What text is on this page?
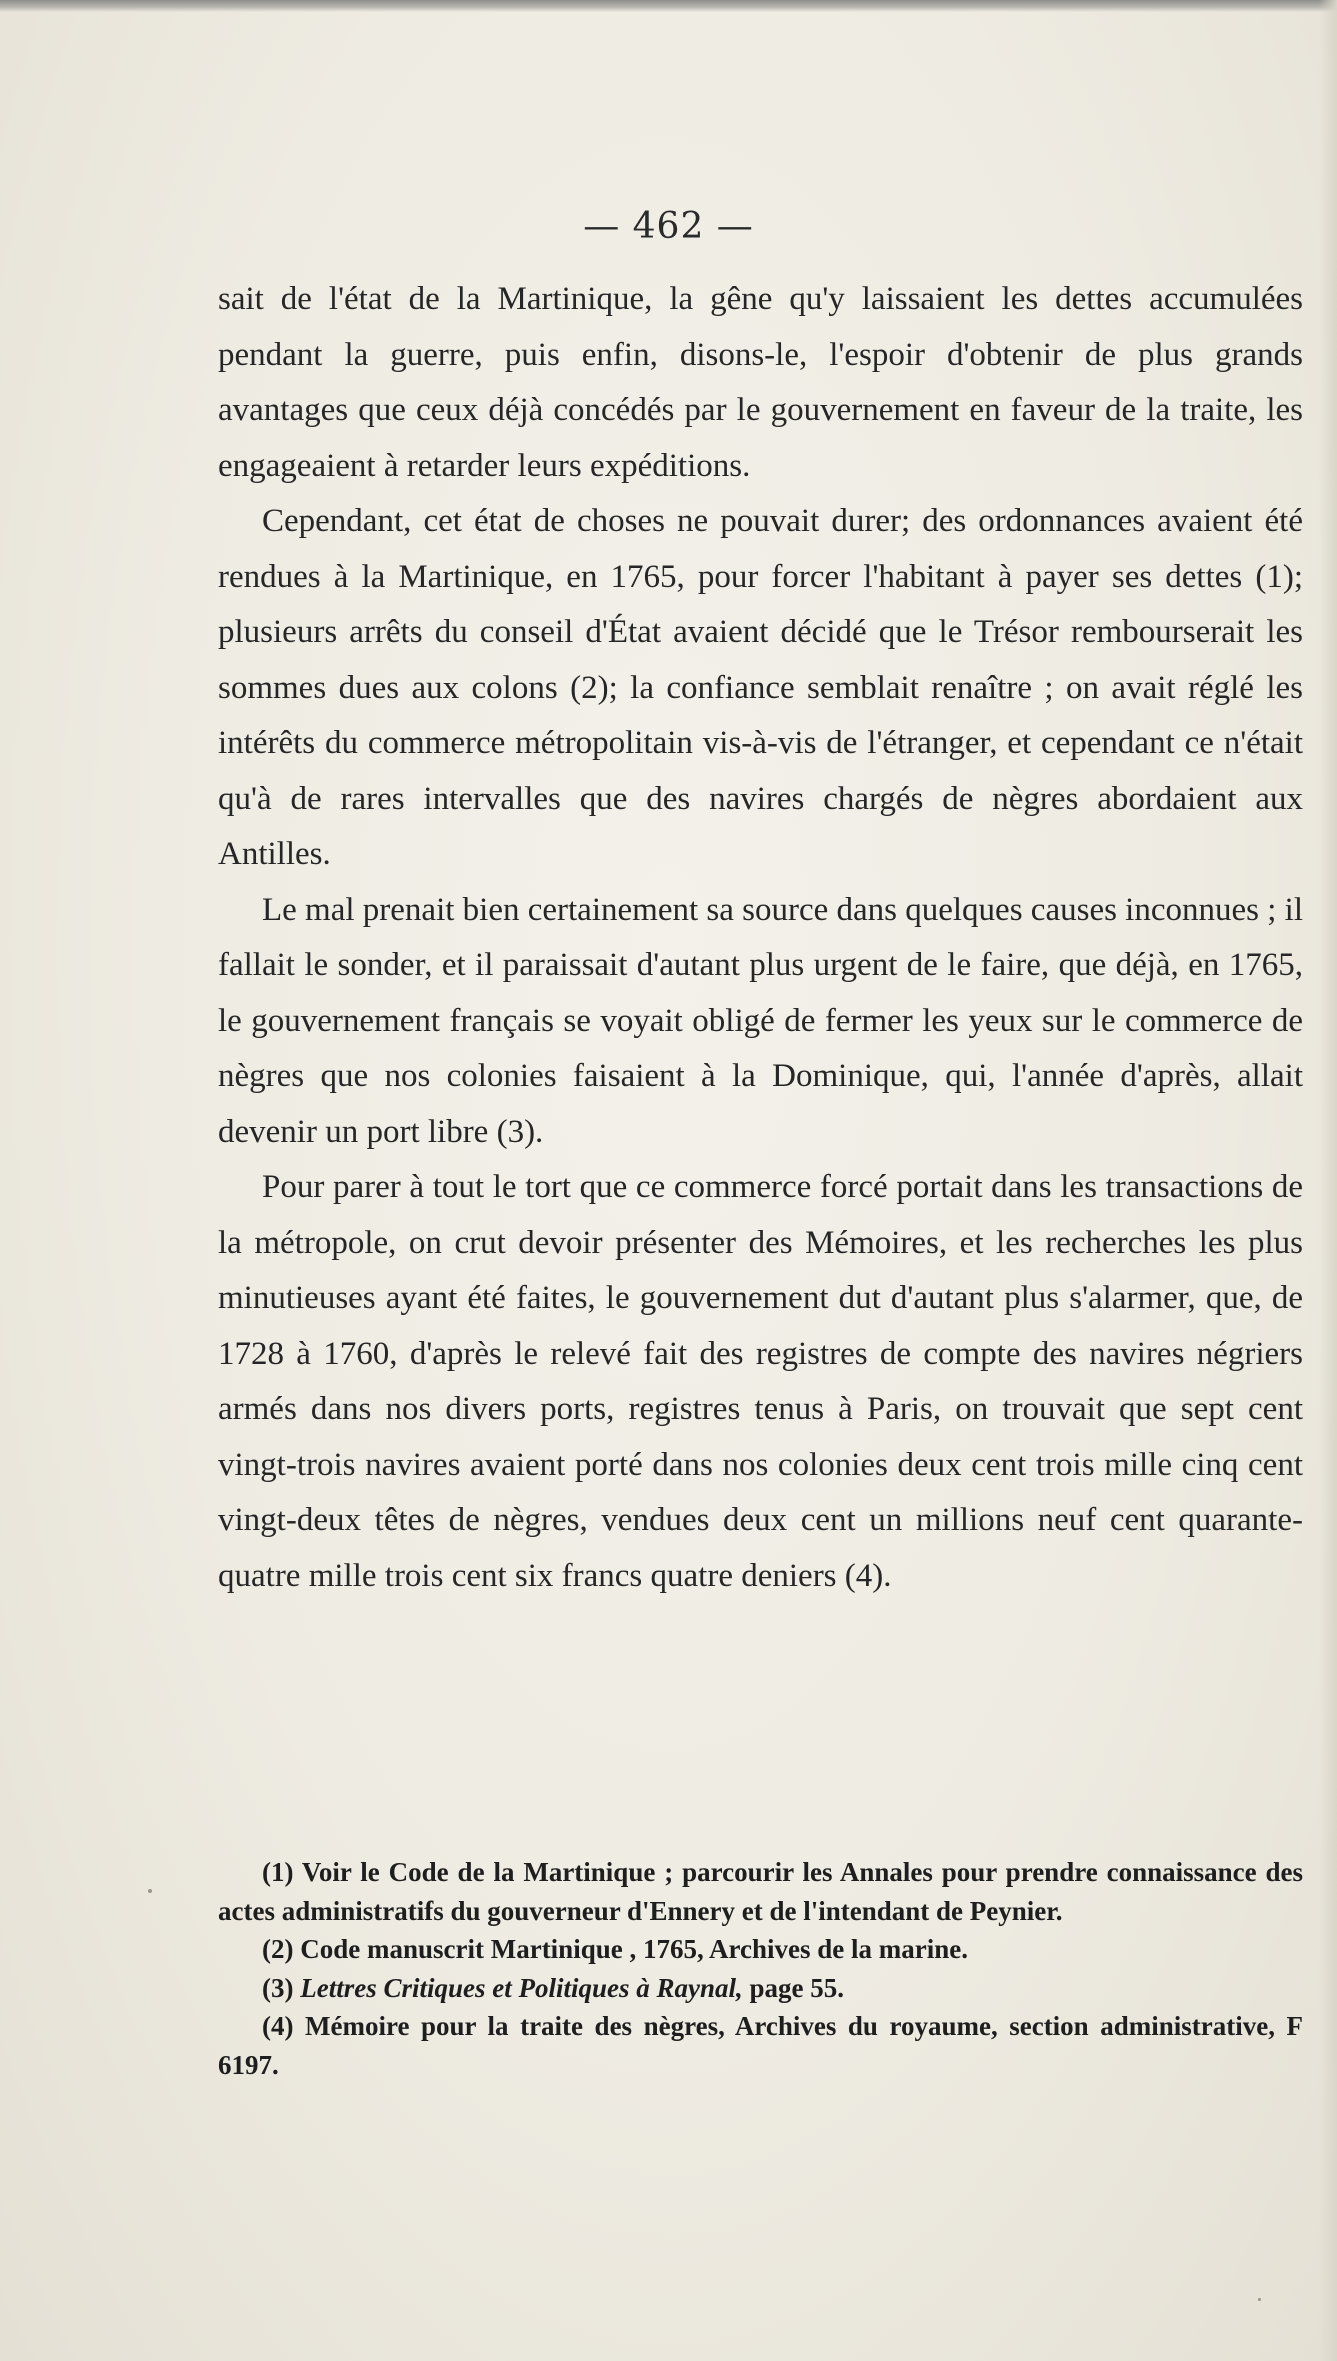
— 462 —

sait de l'état de la Martinique, la gêne qu'y laissaient les dettes accumulées pendant la guerre, puis enfin, disons-le, l'espoir d'obtenir de plus grands avantages que ceux déjà concédés par le gouvernement en faveur de la traite, les engageaient à retarder leurs expéditions.

Cependant, cet état de choses ne pouvait durer; des ordonnances avaient été rendues à la Martinique, en 1765, pour forcer l'habitant à payer ses dettes (1); plusieurs arrêts du conseil d'État avaient décidé que le Trésor rembourserait les sommes dues aux colons (2); la confiance semblait renaître ; on avait réglé les intérêts du commerce métropolitain vis-à-vis de l'étranger, et cependant ce n'était qu'à de rares intervalles que des navires chargés de nègres abordaient aux Antilles.

Le mal prenait bien certainement sa source dans quelques causes inconnues ; il fallait le sonder, et il paraissait d'autant plus urgent de le faire, que déjà, en 1765, le gouvernement français se voyait obligé de fermer les yeux sur le commerce de nègres que nos colonies faisaient à la Dominique, qui, l'année d'après, allait devenir un port libre (3).

Pour parer à tout le tort que ce commerce forcé portait dans les transactions de la métropole, on crut devoir présenter des Mémoires, et les recherches les plus minutieuses ayant été faites, le gouvernement dut d'autant plus s'alarmer, que, de 1728 à 1760, d'après le relevé fait des registres de compte des navires négriers armés dans nos divers ports, registres tenus à Paris, on trouvait que sept cent vingt-trois navires avaient porté dans nos colonies deux cent trois mille cinq cent vingt-deux têtes de nègres, vendues deux cent un millions neuf cent quarante-quatre mille trois cent six francs quatre deniers (4).

(1) Voir le Code de la Martinique ; parcourir les Annales pour prendre connaissance des actes administratifs du gouverneur d'Ennery et de l'intendant de Peynier.

(2) Code manuscrit Martinique , 1765, Archives de la marine.

(3) Lettres Critiques et Politiques à Raynal, page 55.

(4) Mémoire pour la traite des nègres, Archives du royaume, section administrative, F 6197.
